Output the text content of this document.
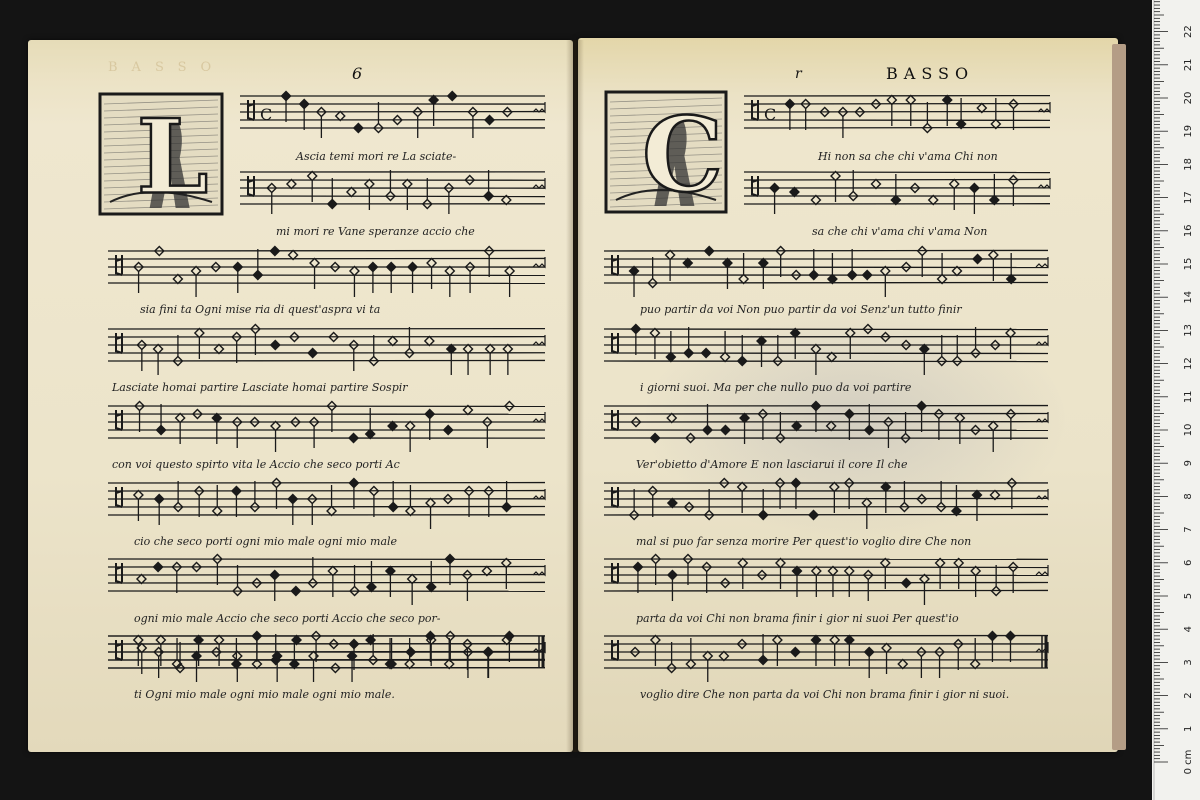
BASSO	6	r	BASSO
L	C
C	C
Ascia temi mori re La sciate-
mi mori re Vane speranze accio che
sia fini ta Ogni mise ria di quest'aspra vi ta
Lasciate homai partire Lasciate homai partire Sospir
con voi questo spirto vita le Accio che seco porti Ac
cio che seco porti ogni mio male ogni mio male
ogni mio male Accio che seco porti Accio che seco por-
ti Ogni mio male ogni mio male ogni mio male.
Hi non sa che chi v'ama Chi non
sa che chi v'ama chi v'ama Non
puo partir da voi Non puo partir da voi Senz'un tutto finir
i giorni suoi. Ma per che nullo puo da voi partire
Ver'obietto d'Amore E non lasciarui il core Il che
mal si puo far senza morire Per quest'io voglio dire Che non
parta da voi Chi non brama finir i gior ni suoi Per quest'io
voglio dire Che non parta da voi Chi non brama finir i gior ni suoi.
0 cm
1
2
3
4
5
6
7
8
9
10
11
12
13
14
15
16
17
18
19
20
21
22
